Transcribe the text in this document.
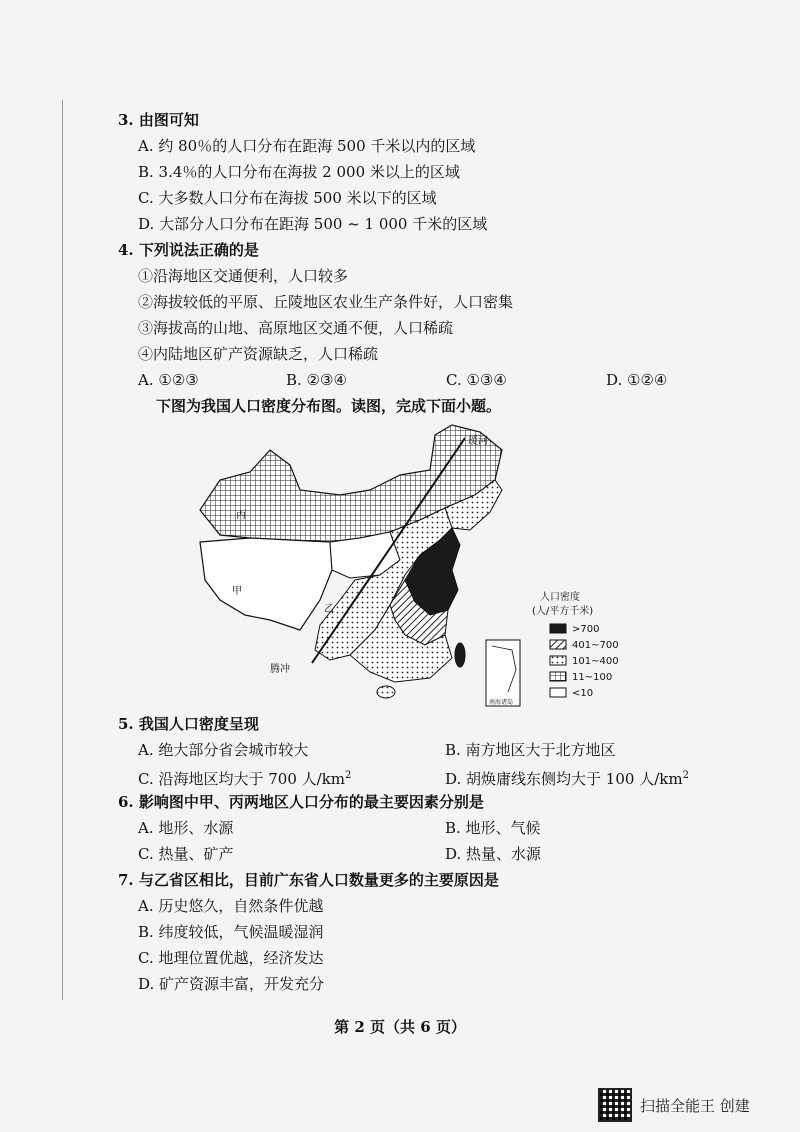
3. 由图可知
A. 约 80％的人口分布在距海 500 千米以内的区域
B. 3.4％的人口分布在海拔 2 000 米以上的区域
C. 大多数人口分布在海拔 500 米以下的区域
D. 大部分人口分布在距海 500 ~ 1 000 千米的区域
4. 下列说法正确的是
①沿海地区交通便利，人口较多
②海拔较低的平原、丘陵地区农业生产条件好，人口密集
③海拔高的山地、高原地区交通不便，人口稀疏
④内陆地区矿产资源缺乏，人口稀疏
A. ①②③	B. ②③④	C. ①③④	D. ①②④
下图为我国人口密度分布图。读图，完成下面小题。
瑷河
腾冲
甲
乙
丙
南海诸岛
人口密度
(人/平方千米)
>700
401~700
101~400
11~100
<10
5. 我国人口密度呈现
A. 绝大部分省会城市较大	B. 南方地区大于北方地区
C. 沿海地区均大于 700 人$/km^2$	D. 胡焕庸线东侧均大于 100 人$/km^2$
6. 影响图中甲、丙两地区人口分布的最主要因素分别是
A. 地形、水源	B. 地形、气候
C. 热量、矿产	D. 热量、水源
7. 与乙省区相比，目前广东省人口数量更多的主要原因是
A. 历史悠久，自然条件优越
B. 纬度较低，气候温暖湿润
C. 地理位置优越，经济发达
D. 矿产资源丰富，开发充分
第 2 页（共 6 页）
扫描全能王 创建
